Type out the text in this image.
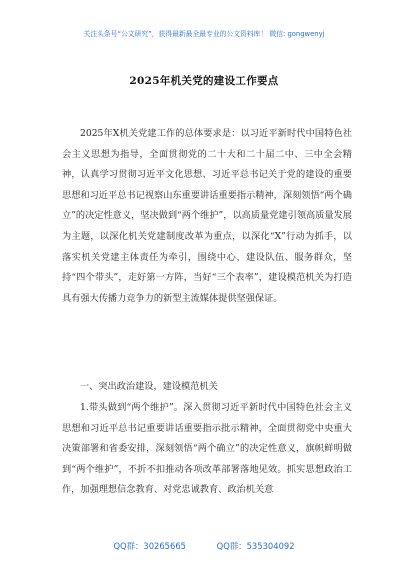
关注头条号“公文研究”，获得最新最全最专业的公文资料库！ 微信: gongwenyj
2025年机关党的建设工作要点
2025年X机关党建工作的总体要求是：以习近平新时代中国特色社会主义思想为指导，全面贯彻党的二十大和二十届二中、三中全会精神，认真学习贯彻习近平文化思想、习近平总书记关于党的建设的重要思想和习近平总书记视察山东重要讲话重要指示精神，深刻领悟“两个确立”的决定性意义，坚决做到“两个维护”，以高质量党建引领高质量发展为主题，以深化机关党建制度改革为重点，以深化“X”行动为抓手，以落实机关党建主体责任为牵引，围绕中心、建设队伍、服务群众，坚持“四个带头”，走好第一方阵，当好“三个表率”，建设模范机关为打造具有强大传播力竞争力的新型主流媒体提供坚强保证。
一、突出政治建设，建设模范机关
1.带头做到“两个维护”。深入贯彻习近平新时代中国特色社会主义思想和习近平总书记重要讲话重要指示批示精神，全面贯彻党中央重大决策部署和省委安排，深刻领悟“两个确立”的决定性意义，旗帜鲜明做到“两个维护”，不折不扣推动各项改革部署落地见效。抓实思想政治工作，加强理想信念教育、对党忠诚教育、政治机关意
QQ群：30265665	QQ群：535304092
